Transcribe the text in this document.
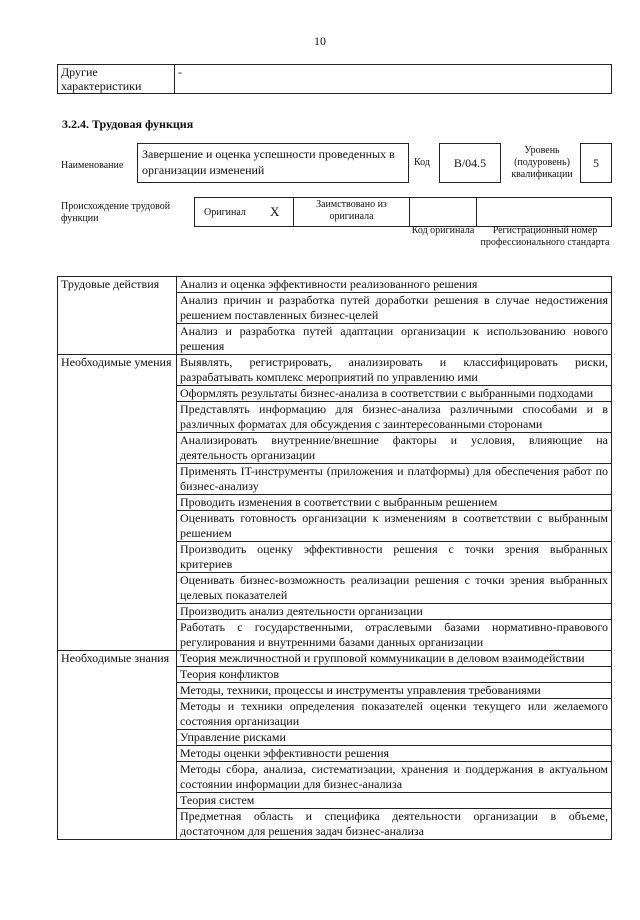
10
Другие характеристики	-
3.2.4. Трудовая функция
Наименование
Завершение и оценка успешности проведенных в организации изменений
Код	B/04.5
Уровень (подуровень) квалификации
5
Происхождение трудовой функции
Оригинал X	Заимствовано из оригинала
Код оригинала	Регистрационный номер профессионального стандарта
Трудовые действия	Анализ и оценка эффективности реализованного решения
	Анализ причин и разработка путей доработки решения в случае недостижения решением поставленных бизнес-целей
	Анализ и разработка путей адаптации организации к использованию нового решения
Необходимые умения	Выявлять, регистрировать, анализировать и классифицировать риски, разрабатывать комплекс мероприятий по управлению ими
	Оформлять результаты бизнес-анализа в соответствии с выбранными подходами
	Представлять информацию для бизнес-анализа различными способами и в различных форматах для обсуждения с заинтересованными сторонами
	Анализировать внутренние/внешние факторы и условия, влияющие на деятельность организации
	Применять IT-инструменты (приложения и платформы) для обеспечения работ по бизнес-анализу
	Проводить изменения в соответствии с выбранным решением
	Оценивать готовность организации к изменениям в соответствии с выбранным решением
	Производить оценку эффективности решения с точки зрения выбранных критериев
	Оценивать бизнес-возможность реализации решения с точки зрения выбранных целевых показателей
	Производить анализ деятельности организации
	Работать с государственными, отраслевыми базами нормативно-правового регулирования и внутренними базами данных организации
Необходимые знания	Теория межличностной и групповой коммуникации в деловом взаимодействии
	Теория конфликтов
	Методы, техники, процессы и инструменты управления требованиями
	Методы и техники определения показателей оценки текущего или желаемого состояния организации
	Управление рисками
	Методы оценки эффективности решения
	Методы сбора, анализа, систематизации, хранения и поддержания в актуальном состоянии информации для бизнес-анализа
	Теория систем
	Предметная область и специфика деятельности организации в объеме, достаточном для решения задач бизнес-анализа
